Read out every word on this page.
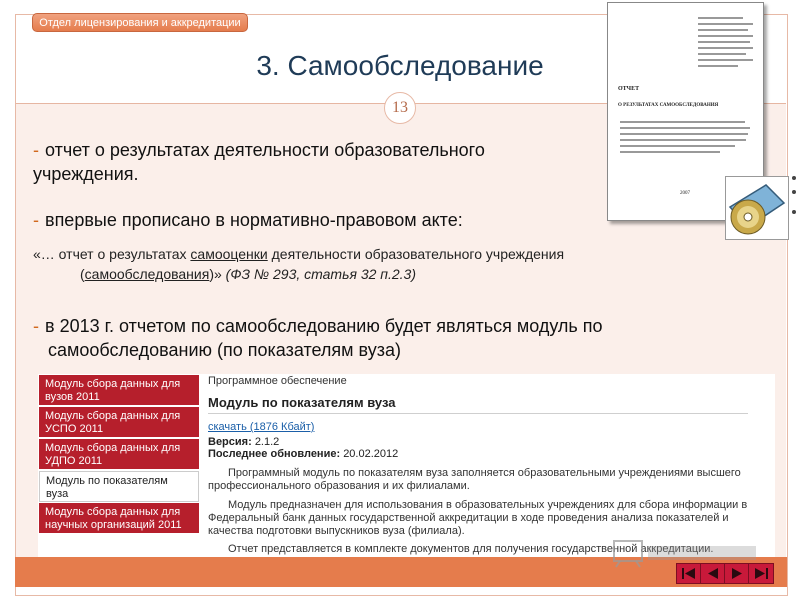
Отдел лицензирования и аккредитации
3. Самообследование
13
ОТЧЕТ
О РЕЗУЛЬТАТАХ САМООБСЛЕДОВАНИЯ
2007
- отчет о результатах деятельности образовательного
учреждения.
- впервые прописано в нормативно-правовом акте:
«… отчет о результатах самооценки деятельности образовательного учреждения
(самообследования)» (ФЗ № 293, статья 32 п.2.3)
- в 2013 г. отчетом по самообследованию будет являться модуль по
самообследованию (по показателям вуза)
Модуль сбора данных для вузов 2011
Модуль сбора данных для УСПО 2011
Модуль сбора данных для УДПО 2011
Модуль по показателям вуза
Модуль сбора данных для научных организаций 2011
Программное обеспечение
Модуль по показателям вуза
скачать (1876 Кбайт)
Версия: 2.1.2
Последнее обновление: 20.02.2012
Программный модуль по показателям вуза заполняется образовательными учреждениями высшего профессионального образования и их филиалами.
Модуль предназначен для использования в образовательных учреждениях для сбора информации в Федеральный банк данных государственной аккредитации в ходе проведения анализа показателей и качества подготовки выпускников вуза (филиала).
Отчет представляется в комплекте документов для получения государственной аккредитации.
